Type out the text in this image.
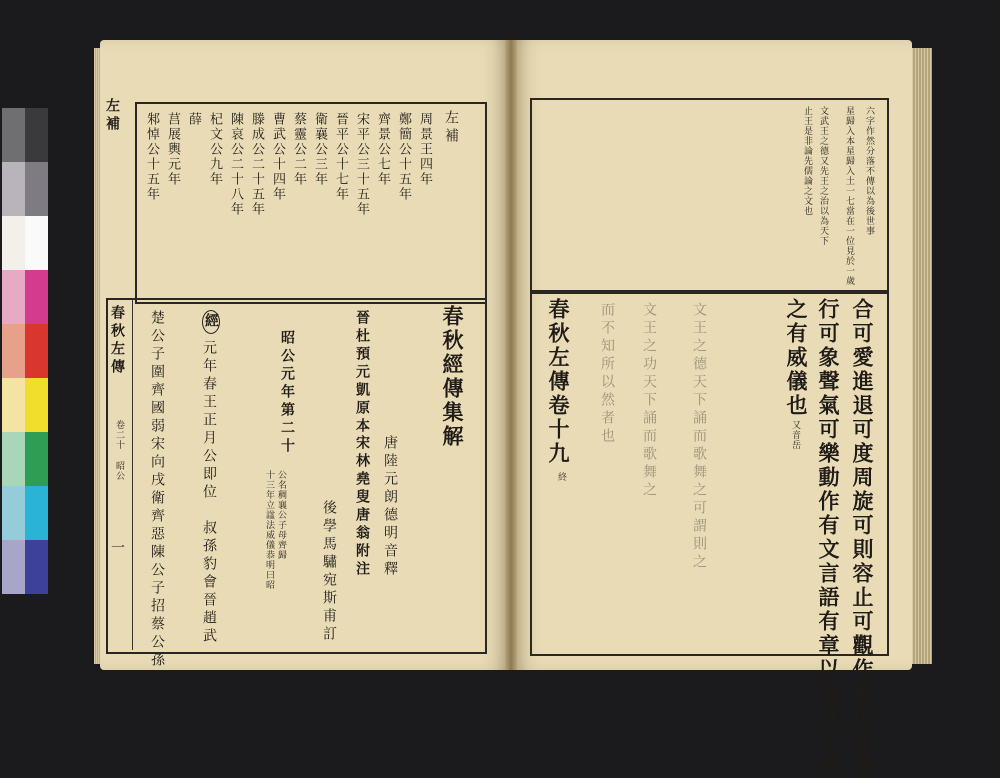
左補
左補
春秋左傳
卷二十 昭公
一
春秋經傳集解
晉杜預元凱原本
宋林堯叟唐翁附注 唐陸元朗德明音釋
後學馬驌宛斯甫訂
昭公元年第二十
公名稠襄公子母齊歸
十三年立諡法威儀恭明曰昭
經
元年春王正月公即位
叔孫豹會晉趙武
楚公子圍齊國弱宋向戌衛齊惡陳公子招蔡公孫
周景王四年
鄭簡公十五年
齊景公七年
宋平公三十五年
晉平公十七年
衛襄公三年
蔡靈公二年
曹武公十四年
滕成公二十五年
陳哀公二十八年
杞文公九年
薛
莒展輿元年
邾悼公十五年	六字作然分落不傳以為後世事
星歸入本星歸入土一七當在一位見於一歲
文武王之德又先王之治以為天下
止王是非論先儒論之文也
合可愛進退可度周旋可則容止可觀作事可法德
行可象聲氣可樂動作有文言語有章以臨其下謂
之有威儀也
又音岳
文王之德天下誦而歌舞之可謂則之
文王之功天下誦而歌舞之
而不知所以然者也
春秋左傳卷十九
終
